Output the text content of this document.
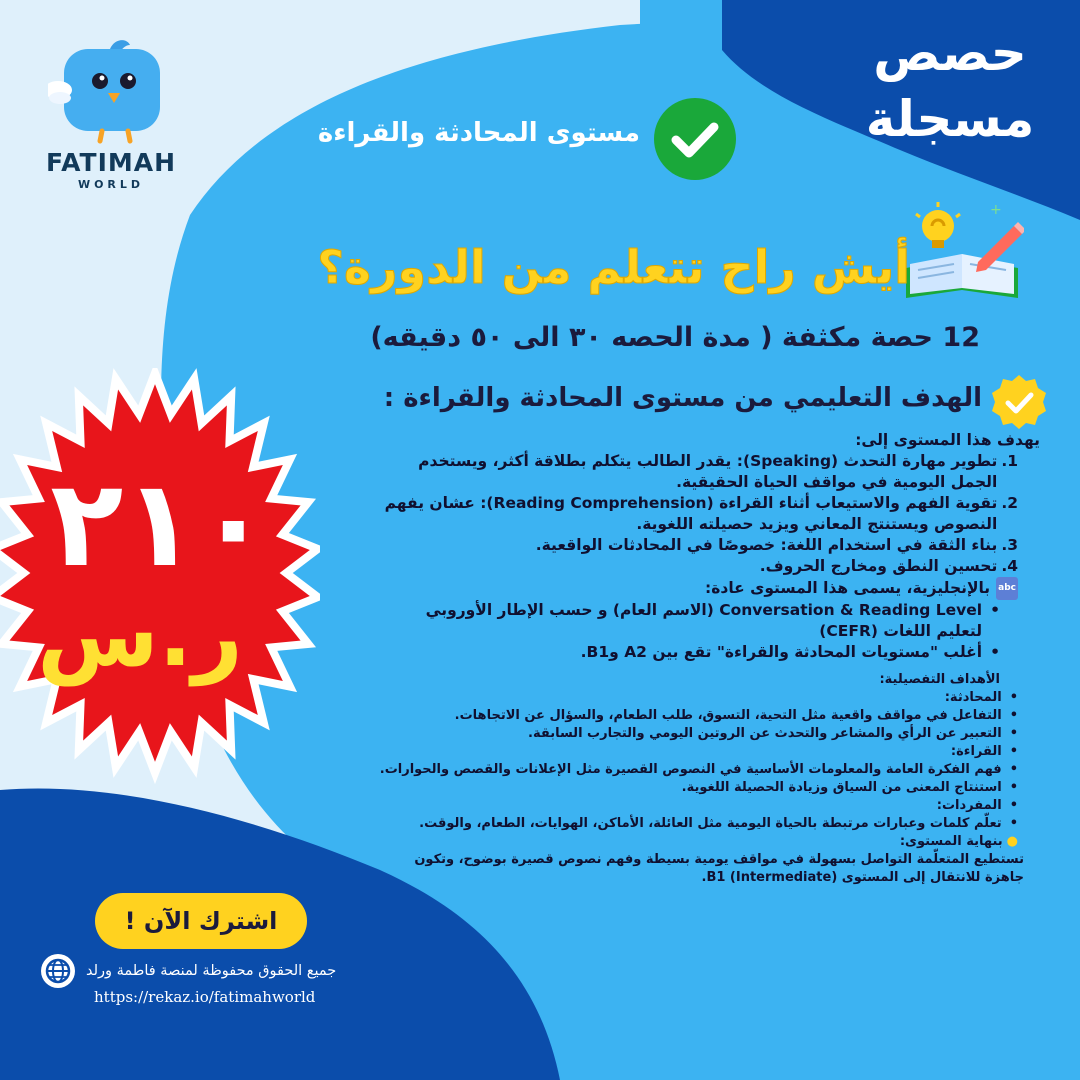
FATIMAH
WORLD
حصص
مسجلة
مستوى المحادثة والقراءة
+
أيش راح تتعلم من الدورة؟
12 حصة مكثفة ( مدة الحصه ٣٠ الى ٥٠ دقيقه)
الهدف التعليمي من مستوى المحادثة والقراءة :
يهدف هذا المستوى إلى:
1.
تطوير مهارة التحدث (Speaking): يقدر الطالب يتكلم بطلاقة أكثر، ويستخدم الجمل اليومية في مواقف الحياة الحقيقية.
2.
تقوية الفهم والاستيعاب أثناء القراءة (Reading Comprehension): عشان يفهم النصوص ويستنتج المعاني ويزيد حصيلته اللغوية.
3.
بناء الثقة في استخدام اللغة: خصوصًا في المحادثات الواقعية.
4.
تحسين النطق ومخارج الحروف.
abc
بالإنجليزية، يسمى هذا المستوى عادة:
•
Conversation & Reading Level (الاسم العام) و حسب الإطار الأوروبي لتعليم اللغات (CEFR)
•
أغلب "مستويات المحادثة والقراءة" تقع بين A2 وB1.
الأهداف التفصيلية:
•
المحادثة:
•
التفاعل في مواقف واقعية مثل التحية، التسوق، طلب الطعام، والسؤال عن الاتجاهات.
•
التعبير عن الرأي والمشاعر والتحدث عن الروتين اليومي والتجارب السابقة.
•
القراءة:
•
فهم الفكرة العامة والمعلومات الأساسية في النصوص القصيرة مثل الإعلانات والقصص والحوارات.
•
استنتاج المعنى من السياق وزيادة الحصيلة اللغوية.
•
المفردات:
•
تعلّم كلمات وعبارات مرتبطة بالحياة اليومية مثل العائلة، الأماكن، الهوايات، الطعام، والوقت.
●
بنهاية المستوى:
تستطيع المتعلّمة التواصل بسهولة في مواقف يومية بسيطة وفهم نصوص قصيرة بوضوح، وتكون جاهزة للانتقال إلى المستوى B1 (Intermediate).
٢١٠
ر.س
اشترك الآن !
جميع الحقوق محفوظة لمنصة فاطمة ورلد
https://rekaz.io/fatimahworld
